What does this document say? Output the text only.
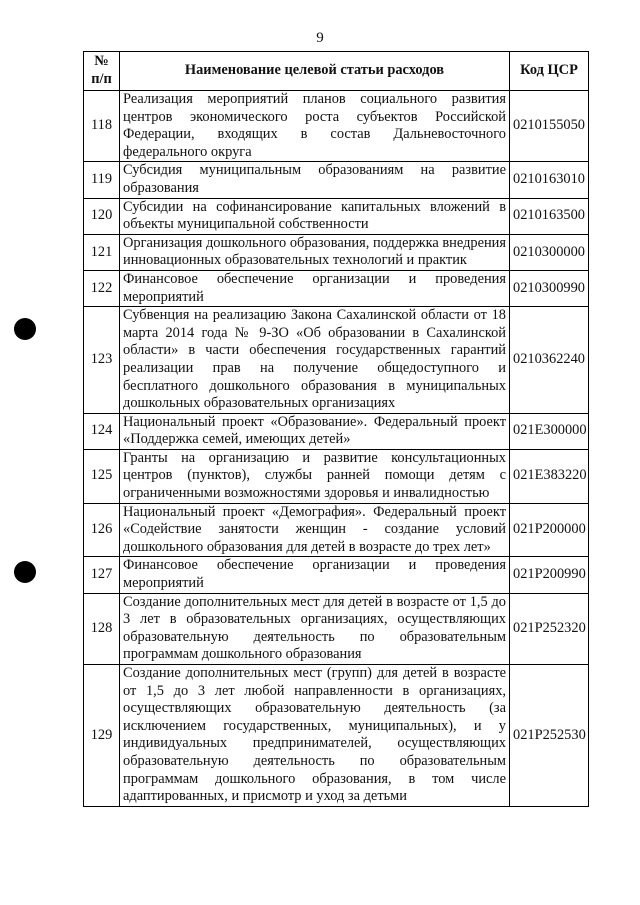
9
№ п/п	Наименование целевой статьи расходов	Код ЦСР
118	Реализация мероприятий планов социального развития центров экономического роста субъектов Российской Федерации, входящих в состав Дальневосточного федерального округа	0210155050
119	Субсидия муниципальным образованиям на развитие образования	0210163010
120	Субсидии на софинансирование капитальных вложений в объекты муниципальной собственности	0210163500
121	Организация дошкольного образования, поддержка внедрения инновационных образовательных технологий и практик	0210300000
122	Финансовое обеспечение организации и проведения мероприятий	0210300990
123	Субвенция на реализацию Закона Сахалинской области от 18 марта 2014 года № 9-ЗО «Об образовании в Сахалинской области» в части обеспечения государственных гарантий реализации прав на получение общедоступного и бесплатного дошкольного образования в муниципальных дошкольных образовательных организациях	0210362240
124	Национальный проект «Образование». Федеральный проект «Поддержка семей, имеющих детей»	021E300000
125	Гранты на организацию и развитие консультационных центров (пунктов), службы ранней помощи детям с ограниченными возможностями здоровья и инвалидностью	021E383220
126	Национальный проект «Демография». Федеральный проект «Содействие занятости женщин - создание условий дошкольного образования для детей в возрасте до трех лет»	021P200000
127	Финансовое обеспечение организации и проведения мероприятий	021P200990
128	Создание дополнительных мест для детей в возрасте от 1,5 до 3 лет в образовательных организациях, осуществляющих образовательную деятельность по образовательным программам дошкольного образования	021P252320
129	Создание дополнительных мест (групп) для детей в возрасте от 1,5 до 3 лет любой направленности в организациях, осуществляющих образовательную деятельность (за исключением государственных, муниципальных), и у индивидуальных предпринимателей, осуществляющих образовательную деятельность по образовательным программам дошкольного образования, в том числе адаптированных, и присмотр и уход за детьми	021P252530
